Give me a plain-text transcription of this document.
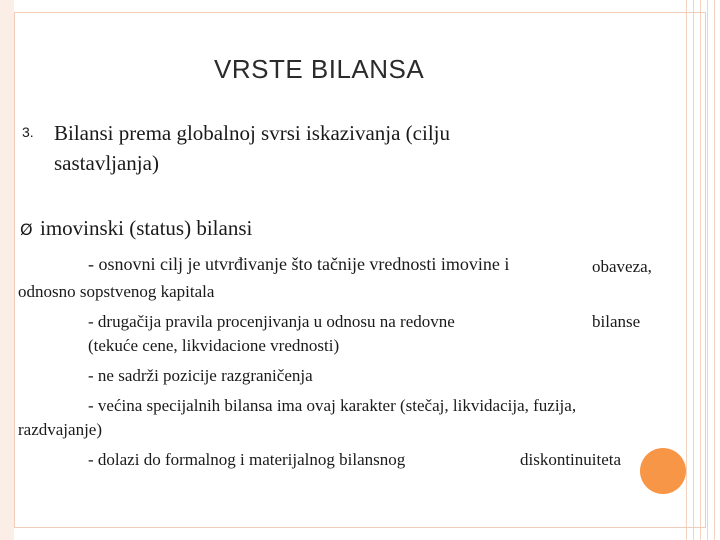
VRSTE BILANSA
3. Bilansi prema globalnoj svrsi iskazivanja (cilju
sastavljanja)
Ø imovinski (status) bilansi
- osnovni cilj je utvrđivanje što tačnije vrednosti imovine i	obaveza,
odnosno sopstvenog kapitala
- drugačija pravila procenjivanja u odnosu na redovne	bilanse
(tekuće cene, likvidacione vrednosti)
- ne sadrži pozicije razgraničenja
- većina specijalnih bilansa ima ovaj karakter (stečaj, likvidacija, fuzija,
razdvajanje)
- dolazi do formalnog i materijalnog bilansnog	diskontinuiteta
